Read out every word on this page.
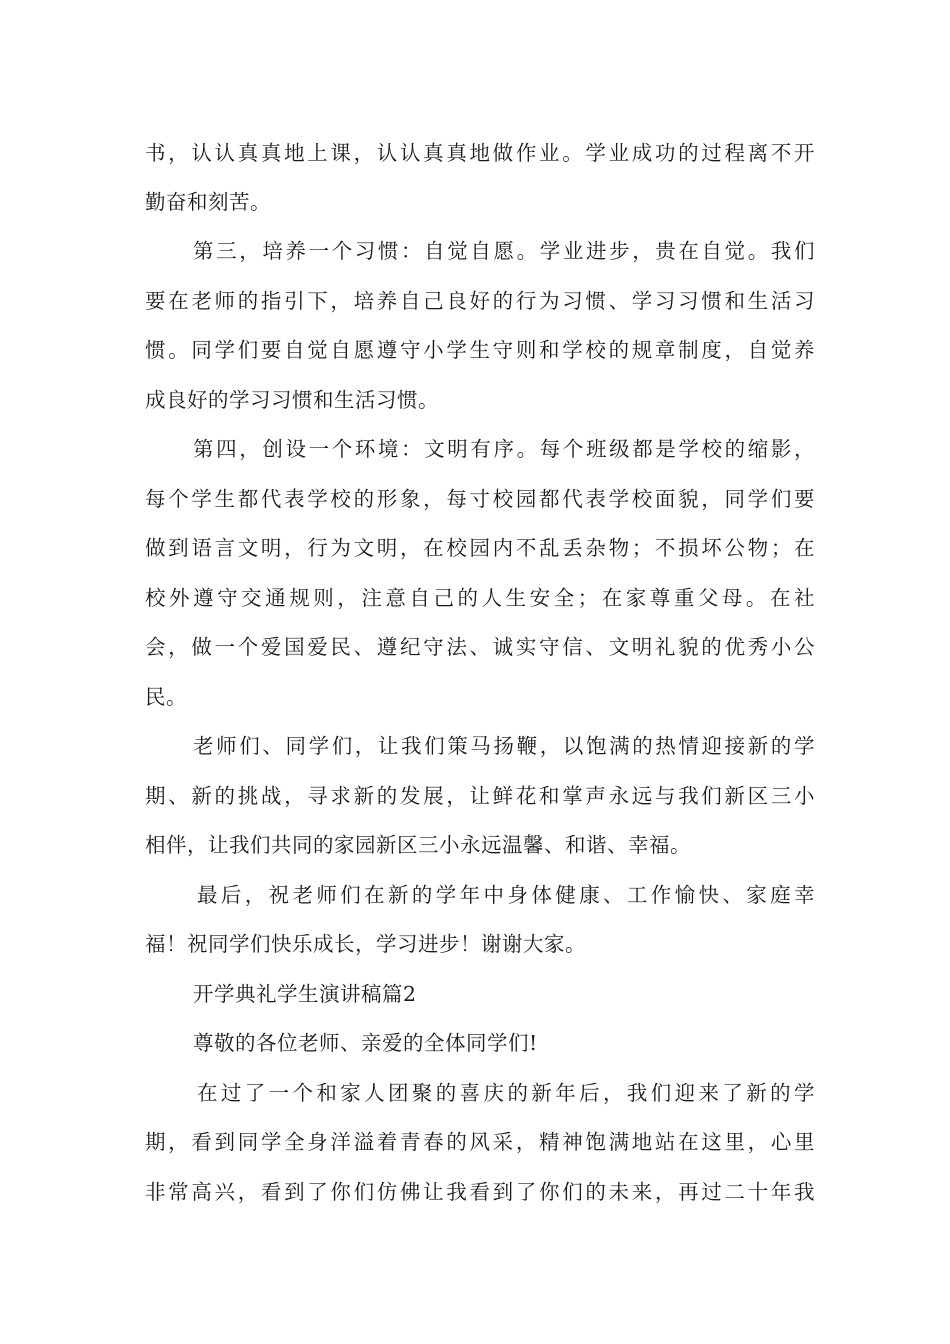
书，认认真真地上课，认认真真地做作业。学业成功的过程离不开
勤奋和刻苦。
第三，培养一个习惯：自觉自愿。学业进步，贵在自觉。我们
要在老师的指引下，培养自己良好的行为习惯、学习习惯和生活习
惯。同学们要自觉自愿遵守小学生守则和学校的规章制度，自觉养
成良好的学习习惯和生活习惯。
第四，创设一个环境：文明有序。每个班级都是学校的缩影，
每个学生都代表学校的形象，每寸校园都代表学校面貌，同学们要
做到语言文明，行为文明，在校园内不乱丢杂物；不损坏公物；在
校外遵守交通规则，注意自己的人生安全；在家尊重父母。在社
会，做一个爱国爱民、遵纪守法、诚实守信、文明礼貌的优秀小公
民。
老师们、同学们，让我们策马扬鞭，以饱满的热情迎接新的学
期、新的挑战，寻求新的发展，让鲜花和掌声永远与我们新区三小
相伴，让我们共同的家园新区三小永远温馨、和谐、幸福。
最后，祝老师们在新的学年中身体健康、工作愉快、家庭幸
福！祝同学们快乐成长，学习进步！谢谢大家。
开学典礼学生演讲稿篇2
尊敬的各位老师、亲爱的全体同学们!
在过了一个和家人团聚的喜庆的新年后，我们迎来了新的学
期，看到同学全身洋溢着青春的风采，精神饱满地站在这里，心里
非常高兴，看到了你们仿佛让我看到了你们的未来，再过二十年我
